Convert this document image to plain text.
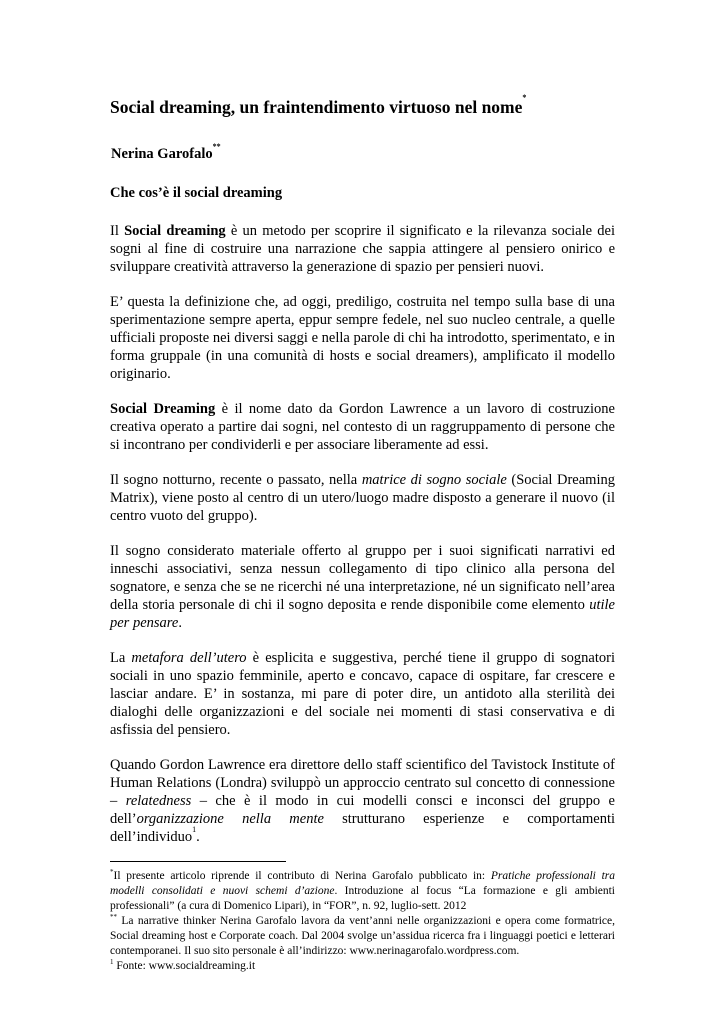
Social dreaming, un fraintendimento virtuoso nel nome*
Nerina Garofalo**
Che cos’è il social dreaming

Il Social dreaming è un metodo per scoprire il significato e la rilevanza sociale dei sogni al fine di costruire una narrazione che sappia attingere al pensiero onirico e sviluppare creatività attraverso la generazione di spazio per pensieri nuovi.

E’ questa la definizione che, ad oggi, prediligo, costruita nel tempo sulla base di una sperimentazione sempre aperta, eppur sempre fedele, nel suo nucleo centrale, a quelle ufficiali proposte nei diversi saggi e nella parole di chi ha introdotto, sperimentato, e in forma gruppale (in una comunità di hosts e social dreamers), amplificato il modello originario.

Social Dreaming è il nome dato da Gordon Lawrence a un lavoro di costruzione creativa operato a partire dai sogni, nel contesto di un raggruppamento di persone che si incontrano per condividerli e per associare liberamente ad essi.

Il sogno notturno, recente o passato, nella matrice di sogno sociale (Social Dreaming Matrix), viene posto al centro di un utero/luogo madre disposto a generare il nuovo (il centro vuoto del gruppo).

Il sogno considerato materiale offerto al gruppo per i suoi significati narrativi ed inneschi associativi, senza nessun collegamento di tipo clinico alla persona del sognatore, e senza che se ne ricerchi né una interpretazione, né un significato nell’area della storia personale di chi il sogno deposita e rende disponibile come elemento utile per pensare.

La metafora dell’utero è esplicita e suggestiva, perché tiene il gruppo di sognatori sociali in uno spazio femminile, aperto e concavo, capace di ospitare, far crescere e lasciar andare. E’ in sostanza, mi pare di poter dire, un antidoto alla sterilità dei dialoghi delle organizzazioni e del sociale nei momenti di stasi conservativa e di asfissia del pensiero.

Quando Gordon Lawrence era direttore dello staff scientifico del Tavistock Institute of Human Relations (Londra) sviluppò un approccio centrato sul concetto di connessione – relatedness – che è il modo in cui modelli consci e inconsci del gruppo e dell’organizzazione nella mente strutturano esperienze e comportamenti dell’individuo$^1$.

*Il presente articolo riprende il contributo di Nerina Garofalo pubblicato in: Pratiche professionali tra modelli consolidati e nuovi schemi d’azione. Introduzione al focus “La formazione e gli ambienti professionali” (a cura di Domenico Lipari), in “FOR”, n. 92, luglio-sett. 2012

** La narrative thinker Nerina Garofalo lavora da vent’anni nelle organizzazioni e opera come formatrice, Social dreaming host e Corporate coach. Dal 2004 svolge un’assidua ricerca fra i linguaggi poetici e letterari contemporanei. Il suo sito personale è all’indirizzo: www.nerinagarofalo.wordpress.com.

$^1$ Fonte: www.socialdreaming.it
